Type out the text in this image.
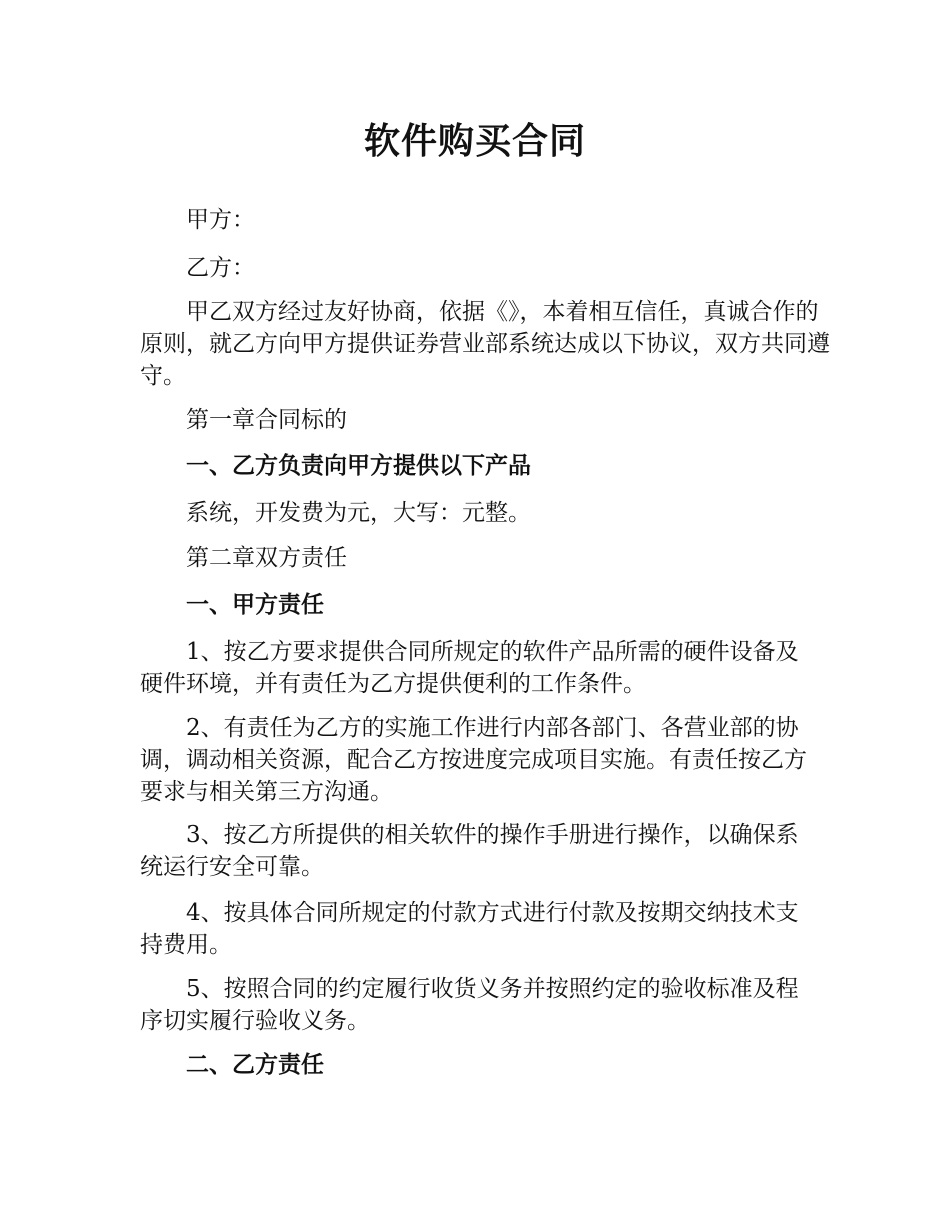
软件购买合同

甲方：

乙方：

甲乙双方经过友好协商，依据《》，本着相互信任，真诚合作的原则，就乙方向甲方提供证券营业部系统达成以下协议，双方共同遵守。

第一章合同标的

一、乙方负责向甲方提供以下产品

系统，开发费为元，大写：元整。

第二章双方责任

一、甲方责任

1、按乙方要求提供合同所规定的软件产品所需的硬件设备及硬件环境，并有责任为乙方提供便利的工作条件。

2、有责任为乙方的实施工作进行内部各部门、各营业部的协调，调动相关资源，配合乙方按进度完成项目实施。有责任按乙方要求与相关第三方沟通。

3、按乙方所提供的相关软件的操作手册进行操作，以确保系统运行安全可靠。

4、按具体合同所规定的付款方式进行付款及按期交纳技术支持费用。

5、按照合同的约定履行收货义务并按照约定的验收标准及程序切实履行验收义务。

二、乙方责任
